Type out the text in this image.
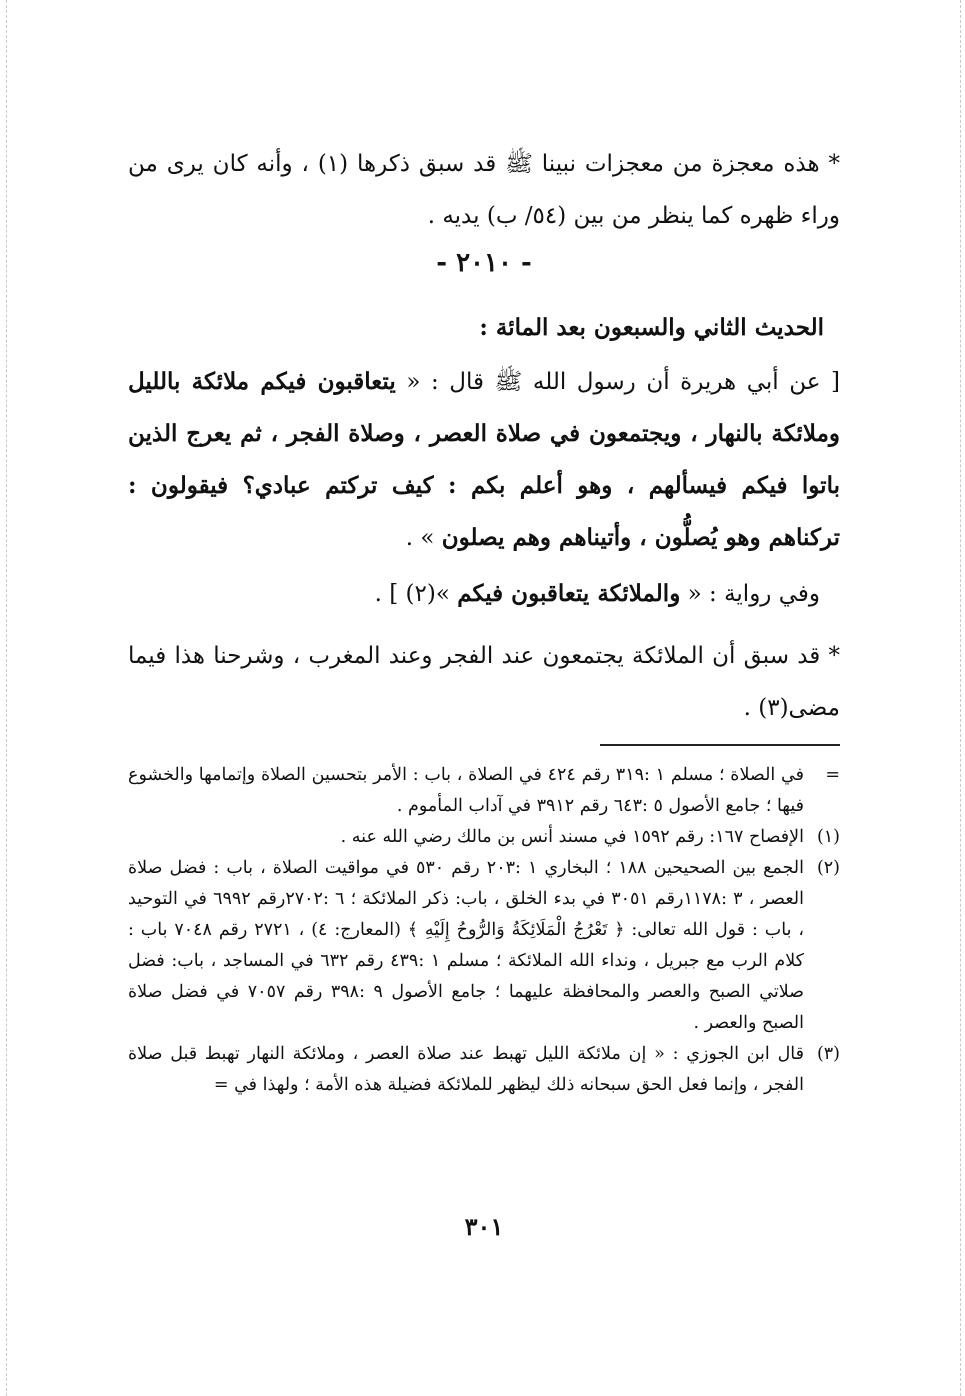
* هذه معجزة من معجزات نبينا ﷺ قد سبق ذكرها (١) ، وأنه كان يرى من وراء ظهره كما ينظر من بين (٥٤/ ب) يديه .

- ٢٠١٠ -
الحديث الثاني والسبعون بعد المائة :

[ عن أبي هريرة أن رسول الله ﷺ قال : « يتعاقبون فيكم ملائكة بالليل وملائكة بالنهار ، ويجتمعون في صلاة العصر ، وصلاة الفجر ، ثم يعرج الذين باتوا فيكم فيسألهم ، وهو أعلم بكم : كيف تركتم عبادي؟ فيقولون : تركناهم وهو يُصلُّون ، وأتيناهم وهم يصلون » .

وفي رواية : « والملائكة يتعاقبون فيكم »(٢) ] .

* قد سبق أن الملائكة يجتمعون عند الفجر وعند المغرب ، وشرحنا هذا فيما مضى(٣) .

=
في الصلاة ؛ مسلم ١ :٣١٩ رقم ٤٢٤ في الصلاة ، باب : الأمر بتحسين الصلاة وإتمامها والخشوع فيها ؛ جامع الأصول ٥ :٦٤٣ رقم ٣٩١٢ في آداب المأموم .
(١)
الإفصاح ١٦٧: رقم ١٥٩٢ في مسند أنس بن مالك رضي الله عنه .
(٢)
الجمع بين الصحيحين ١٨٨ ؛ البخاري ١ :٢٠٣ رقم ٥٣٠ في مواقيت الصلاة ، باب : فضل صلاة العصر ، ٣ :١١٧٨رقم ٣٠٥١ في بدء الخلق ، باب: ذكر الملائكة ؛ ٦ :٢٧٠٢رقم ٦٩٩٢ في التوحيد ، باب : قول الله تعالى: ﴿ تَعْرُجُ الْمَلَائِكَةُ وَالرُّوحُ إِلَيْهِ ﴾ (المعارج: ٤) ، ٢٧٢١ رقم ٧٠٤٨ باب : كلام الرب مع جبريل ، ونداء الله الملائكة ؛ مسلم ١ :٤٣٩ رقم ٦٣٢ في المساجد ، باب: فضل صلاتي الصبح والعصر والمحافظة عليهما ؛ جامع الأصول ٩ :٣٩٨ رقم ٧٠٥٧ في فضل صلاة الصبح والعصر .
(٣)
قال ابن الجوزي : « إن ملائكة الليل تهبط عند صلاة العصر ، وملائكة النهار تهبط قبل صلاة الفجر ، وإنما فعل الحق سبحانه ذلك ليظهر للملائكة فضيلة هذه الأمة ؛ ولهذا في =
٣٠١
